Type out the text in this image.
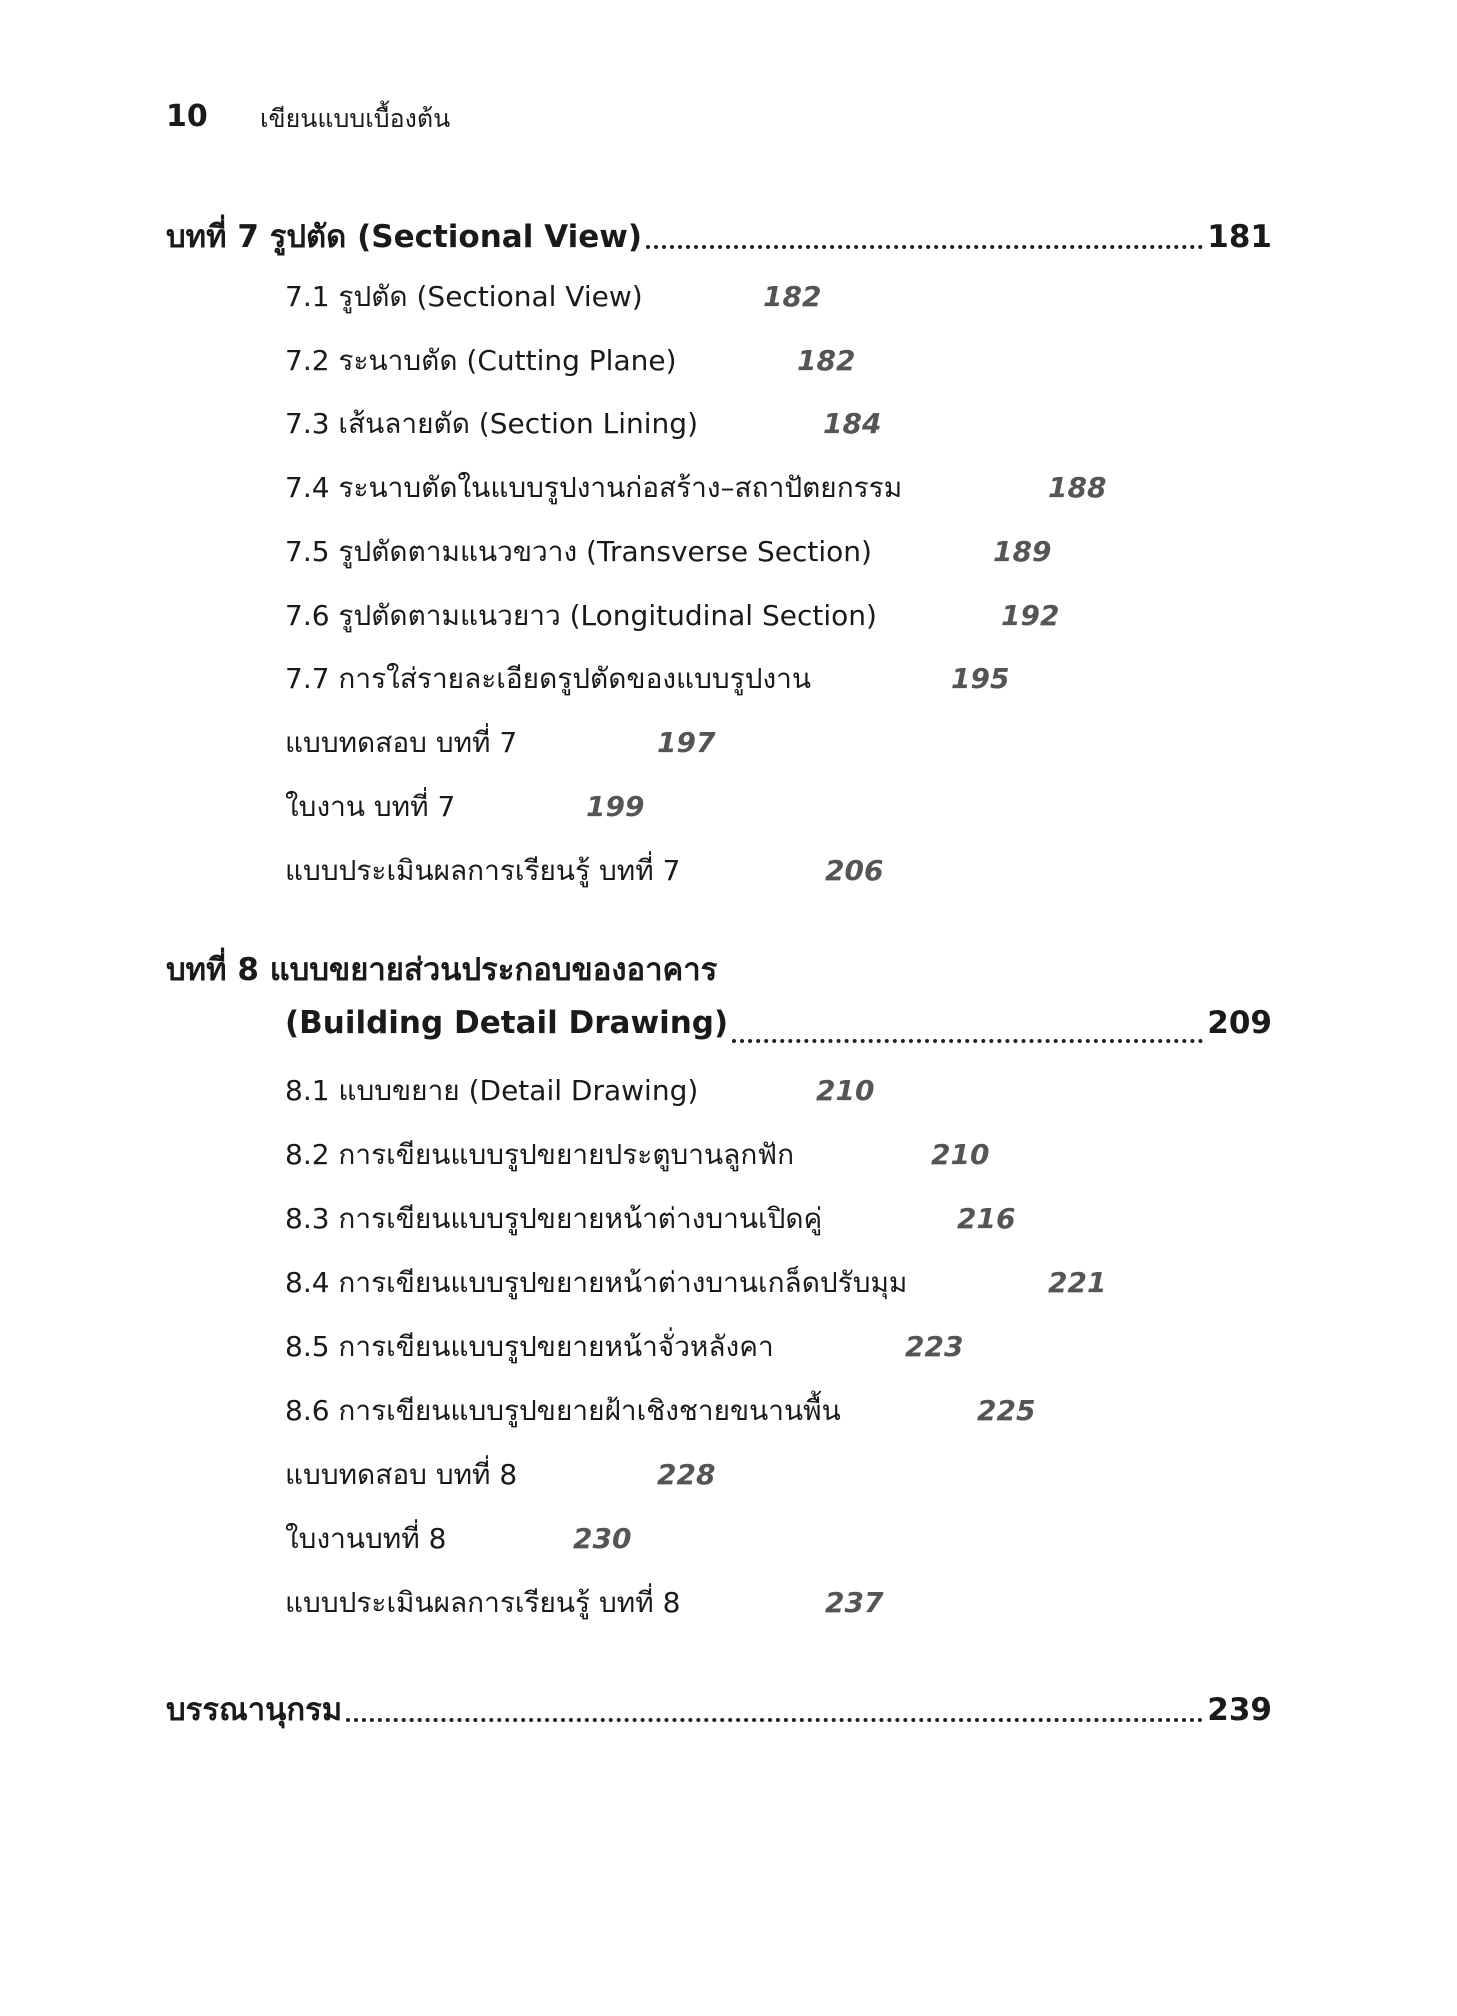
10 เขียนแบบเบื้องต้น
บทที่ 7 รูปตัด (Sectional View)	181
7.1 รูปตัด (Sectional View)	182
7.2 ระนาบตัด (Cutting Plane)	182
7.3 เส้นลายตัด (Section Lining)	184
7.4 ระนาบตัดในแบบรูปงานก่อสร้าง–สถาปัตยกรรม	188
7.5 รูปตัดตามแนวขวาง (Transverse Section)	189
7.6 รูปตัดตามแนวยาว (Longitudinal Section)	192
7.7 การใส่รายละเอียดรูปตัดของแบบรูปงาน	195
แบบทดสอบ บทที่ 7	197
ใบงาน บทที่ 7	199
แบบประเมินผลการเรียนรู้ บทที่ 7	206
บทที่ 8 แบบขยายส่วนประกอบของอาคาร
(Building Detail Drawing)	209
8.1 แบบขยาย (Detail Drawing)	210
8.2 การเขียนแบบรูปขยายประตูบานลูกฟัก	210
8.3 การเขียนแบบรูปขยายหน้าต่างบานเปิดคู่	216
8.4 การเขียนแบบรูปขยายหน้าต่างบานเกล็ดปรับมุม	221
8.5 การเขียนแบบรูปขยายหน้าจั่วหลังคา	223
8.6 การเขียนแบบรูปขยายฝ้าเชิงชายขนานพื้น	225
แบบทดสอบ บทที่ 8	228
ใบงานบทที่ 8	230
แบบประเมินผลการเรียนรู้ บทที่ 8	237
บรรณานุกรม	239
